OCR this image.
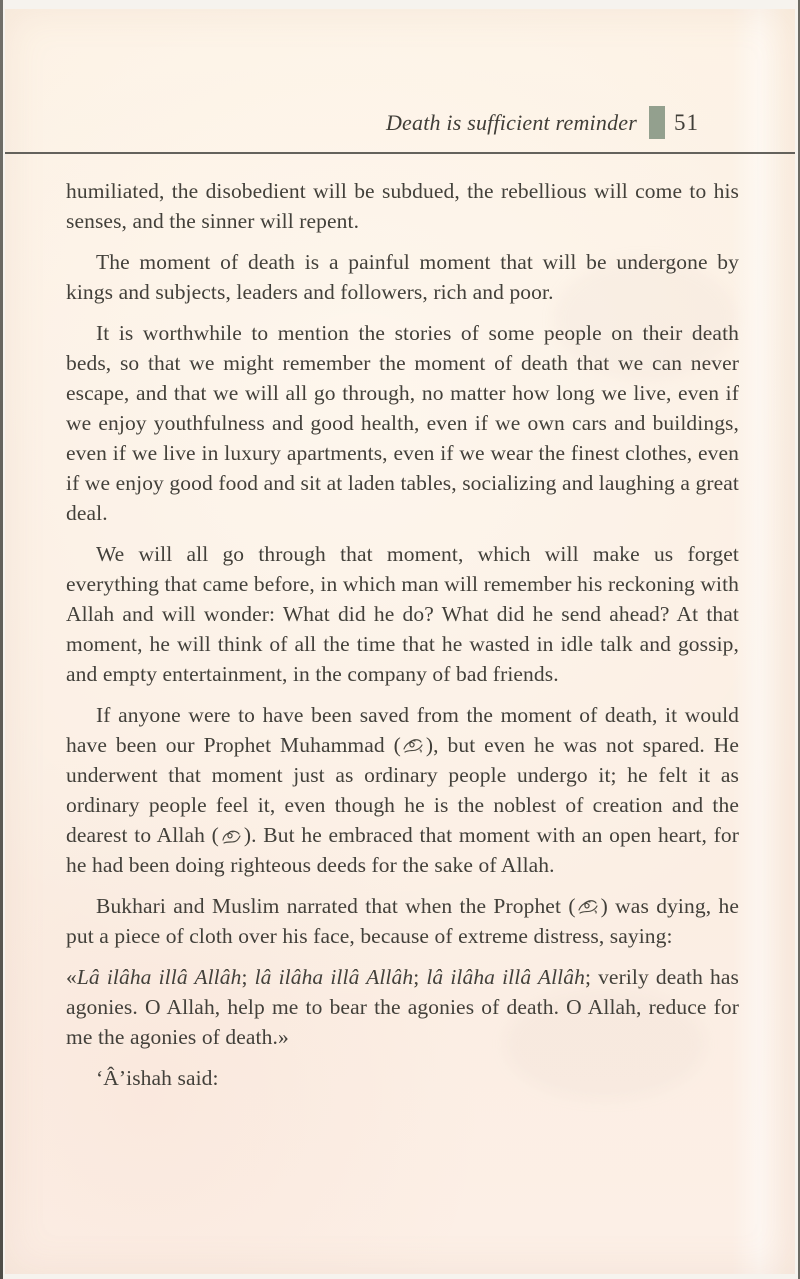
Death is sufficient reminder 51

humiliated, the disobedient will be subdued, the rebellious will come to his senses, and the sinner will repent.

The moment of death is a painful moment that will be undergone by kings and subjects, leaders and followers, rich and poor.

It is worthwhile to mention the stories of some people on their death beds, so that we might remember the moment of death that we can never escape, and that we will all go through, no matter how long we live, even if we enjoy youthfulness and good health, even if we own cars and buildings, even if we live in luxury apartments, even if we wear the finest clothes, even if we enjoy good food and sit at laden tables, socializing and laughing a great deal.

We will all go through that moment, which will make us forget everything that came before, in which man will remember his reckoning with Allah and will wonder: What did he do? What did he send ahead? At that moment, he will think of all the time that he wasted in idle talk and gossip, and empty entertainment, in the company of bad friends.

If anyone were to have been saved from the moment of death, it would have been our Prophet Muhammad ( ), but even he was not spared. He underwent that moment just as ordinary people undergo it; he felt it as ordinary people feel it, even though he is the noblest of creation and the dearest to Allah ( ). But he embraced that moment with an open heart, for he had been doing righteous deeds for the sake of Allah.

Bukhari and Muslim narrated that when the Prophet ( ) was dying, he put a piece of cloth over his face, because of extreme distress, saying:

«Lâ ilâha illâ Allâh; lâ ilâha illâ Allâh; lâ ilâha illâ Allâh; verily death has agonies. O Allah, help me to bear the agonies of death. O Allah, reduce for me the agonies of death.»

‘Â’ishah said:
